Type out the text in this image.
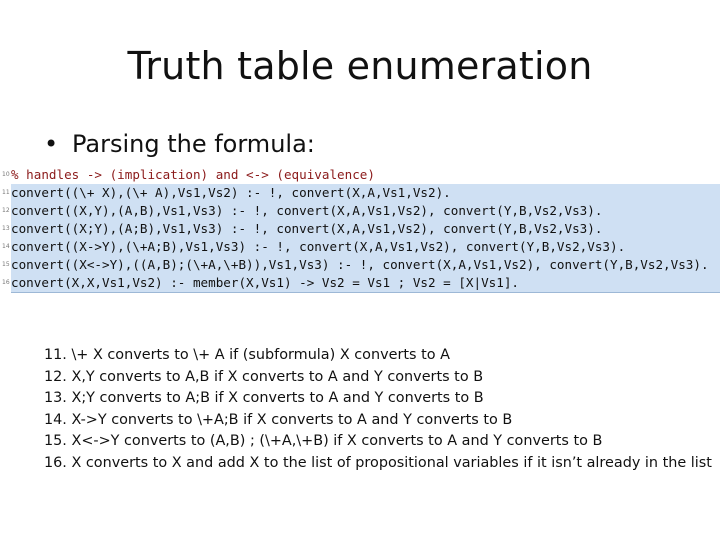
Truth table enumeration
• Parsing the formula:

10

% handles -> (implication) and <-> (equivalence)

11

convert((\+ X),(\+ A),Vs1,Vs2) :- !, convert(X,A,Vs1,Vs2).

12

convert((X,Y),(A,B),Vs1,Vs3) :- !, convert(X,A,Vs1,Vs2), convert(Y,B,Vs2,Vs3).

13

convert((X;Y),(A;B),Vs1,Vs3) :- !, convert(X,A,Vs1,Vs2), convert(Y,B,Vs2,Vs3).

14

convert((X->Y),(\+A;B),Vs1,Vs3) :- !, convert(X,A,Vs1,Vs2), convert(Y,B,Vs2,Vs3).

15

convert((X<->Y),((A,B);(\+A,\+B)),Vs1,Vs3) :- !, convert(X,A,Vs1,Vs2), convert(Y,B,Vs2,Vs3).

16

convert(X,X,Vs1,Vs2) :- member(X,Vs1) -> Vs2 = Vs1 ; Vs2 = [X|Vs1].

11. \+ X converts to \+ A if (subformula) X converts to A
12. X,Y converts to A,B if X converts to A and Y converts to B
13. X;Y converts to A;B if X converts to A and Y converts to B
14. X->Y converts to \+A;B if X converts to A and Y converts to B
15. X<->Y converts to (A,B) ; (\+A,\+B) if X converts to A and Y converts to B
16. X converts to X and add X to the list of propositional variables if it isn’t already in the list
